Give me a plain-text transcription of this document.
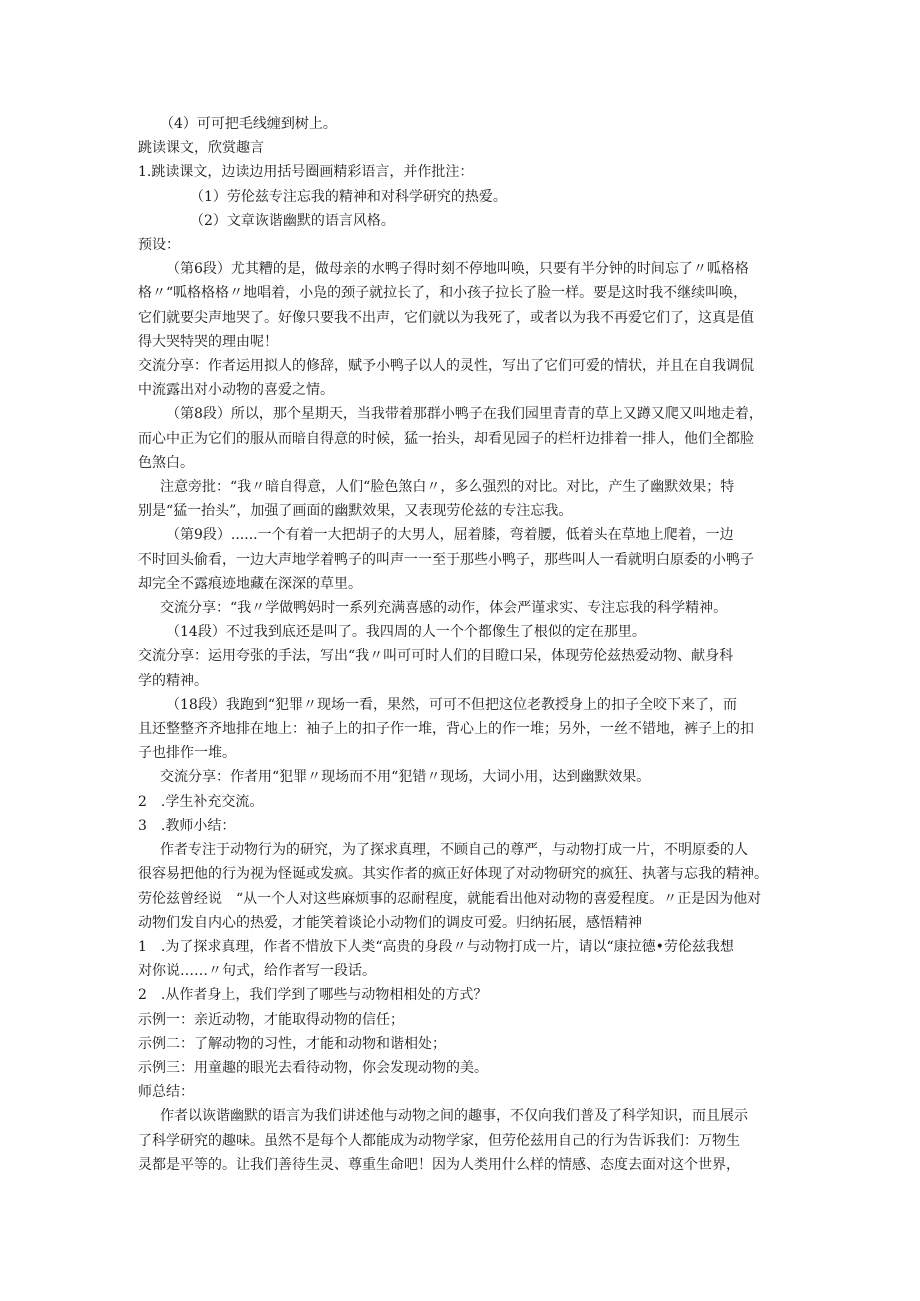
（4）可可把毛线缠到树上。

跳读课文，欣赏趣言

1.跳读课文，边读边用括号圈画精彩语言，并作批注：

（1）劳伦兹专注忘我的精神和对科学研究的热爱。

（2）文章诙谐幽默的语言风格。

预设：

（第6段）尤其糟的是，做母亲的水鸭子得时刻不停地叫唤，只要有半分钟的时间忘了〃呱格格

格〃“呱格格格〃地唱着，小凫的颈子就拉长了，和小孩子拉长了脸一样。要是这时我不继续叫唤，

它们就要尖声地哭了。好像只要我不出声，它们就以为我死了，或者以为我不再爱它们了，这真是值

得大哭特哭的理由呢！

交流分享：作者运用拟人的修辞，赋予小鸭子以人的灵性，写出了它们可爱的情状，并且在自我调侃

中流露出对小动物的喜爱之情。

（第8段）所以，那个星期天，当我带着那群小鸭子在我们园里青青的草上又蹲又爬又叫地走着，

而心中正为它们的服从而暗自得意的时候，猛一抬头，却看见园子的栏杆边排着一排人，他们全都脸

色煞白。

注意旁批：“我〃暗自得意，人们“脸色煞白〃，多么强烈的对比。对比，产生了幽默效果；特

别是“猛一抬头”，加强了画面的幽默效果，又表现劳伦兹的专注忘我。

（第9段）......一个有着一大把胡子的大男人，屈着膝，弯着腰，低着头在草地上爬着，一边

不时回头偷看，一边大声地学着鸭子的叫声一一至于那些小鸭子，那些叫人一看就明白原委的小鸭子

却完全不露痕迹地藏在深深的草里。

交流分享：“我〃学做鸭妈时一系列充满喜感的动作，体会严谨求实、专注忘我的科学精神。

（14段）不过我到底还是叫了。我四周的人一个个都像生了根似的定在那里。

交流分享：运用夸张的手法，写出“我〃叫可可时人们的目瞪口呆，体现劳伦兹热爱动物、献身科

学的精神。

（18段）我跑到“犯罪〃现场一看，果然，可可不但把这位老教授身上的扣子全咬下来了，而

且还整整齐齐地排在地上：袖子上的扣子作一堆，背心上的作一堆；另外，一丝不错地，裤子上的扣

子也排作一堆。

交流分享：作者用“犯罪〃现场而不用“犯错〃现场，大词小用，达到幽默效果。

2　.学生补充交流。

3　.教师小结：

作者专注于动物行为的研究，为了探求真理，不顾自己的尊严，与动物打成一片，不明原委的人

很容易把他的行为视为怪诞或发疯。其实作者的疯正好体现了对动物研究的疯狂、执著与忘我的精神。

劳伦兹曾经说　“从一个人对这些麻烦事的忍耐程度，就能看出他对动物的喜爱程度。〃正是因为他对

动物们发自内心的热爱，才能笑着谈论小动物们的调皮可爱。归纳拓展，感悟精神

1　.为了探求真理，作者不惜放下人类“高贵的身段〃与动物打成一片，请以“康拉德•劳伦兹我想

对你说……〃句式，给作者写一段话。

2　.从作者身上，我们学到了哪些与动物相相处的方式？

示例一：亲近动物，才能取得动物的信任；

示例二：了解动物的习性，才能和动物和谐相处；

示例三：用童趣的眼光去看待动物，你会发现动物的美。

师总结：

作者以诙谐幽默的语言为我们讲述他与动物之间的趣事，不仅向我们普及了科学知识，而且展示

了科学研究的趣味。虽然不是每个人都能成为动物学家，但劳伦兹用自己的行为告诉我们：万物生

灵都是平等的。让我们善待生灵、尊重生命吧！因为人类用什么样的情感、态度去面对这个世界，
